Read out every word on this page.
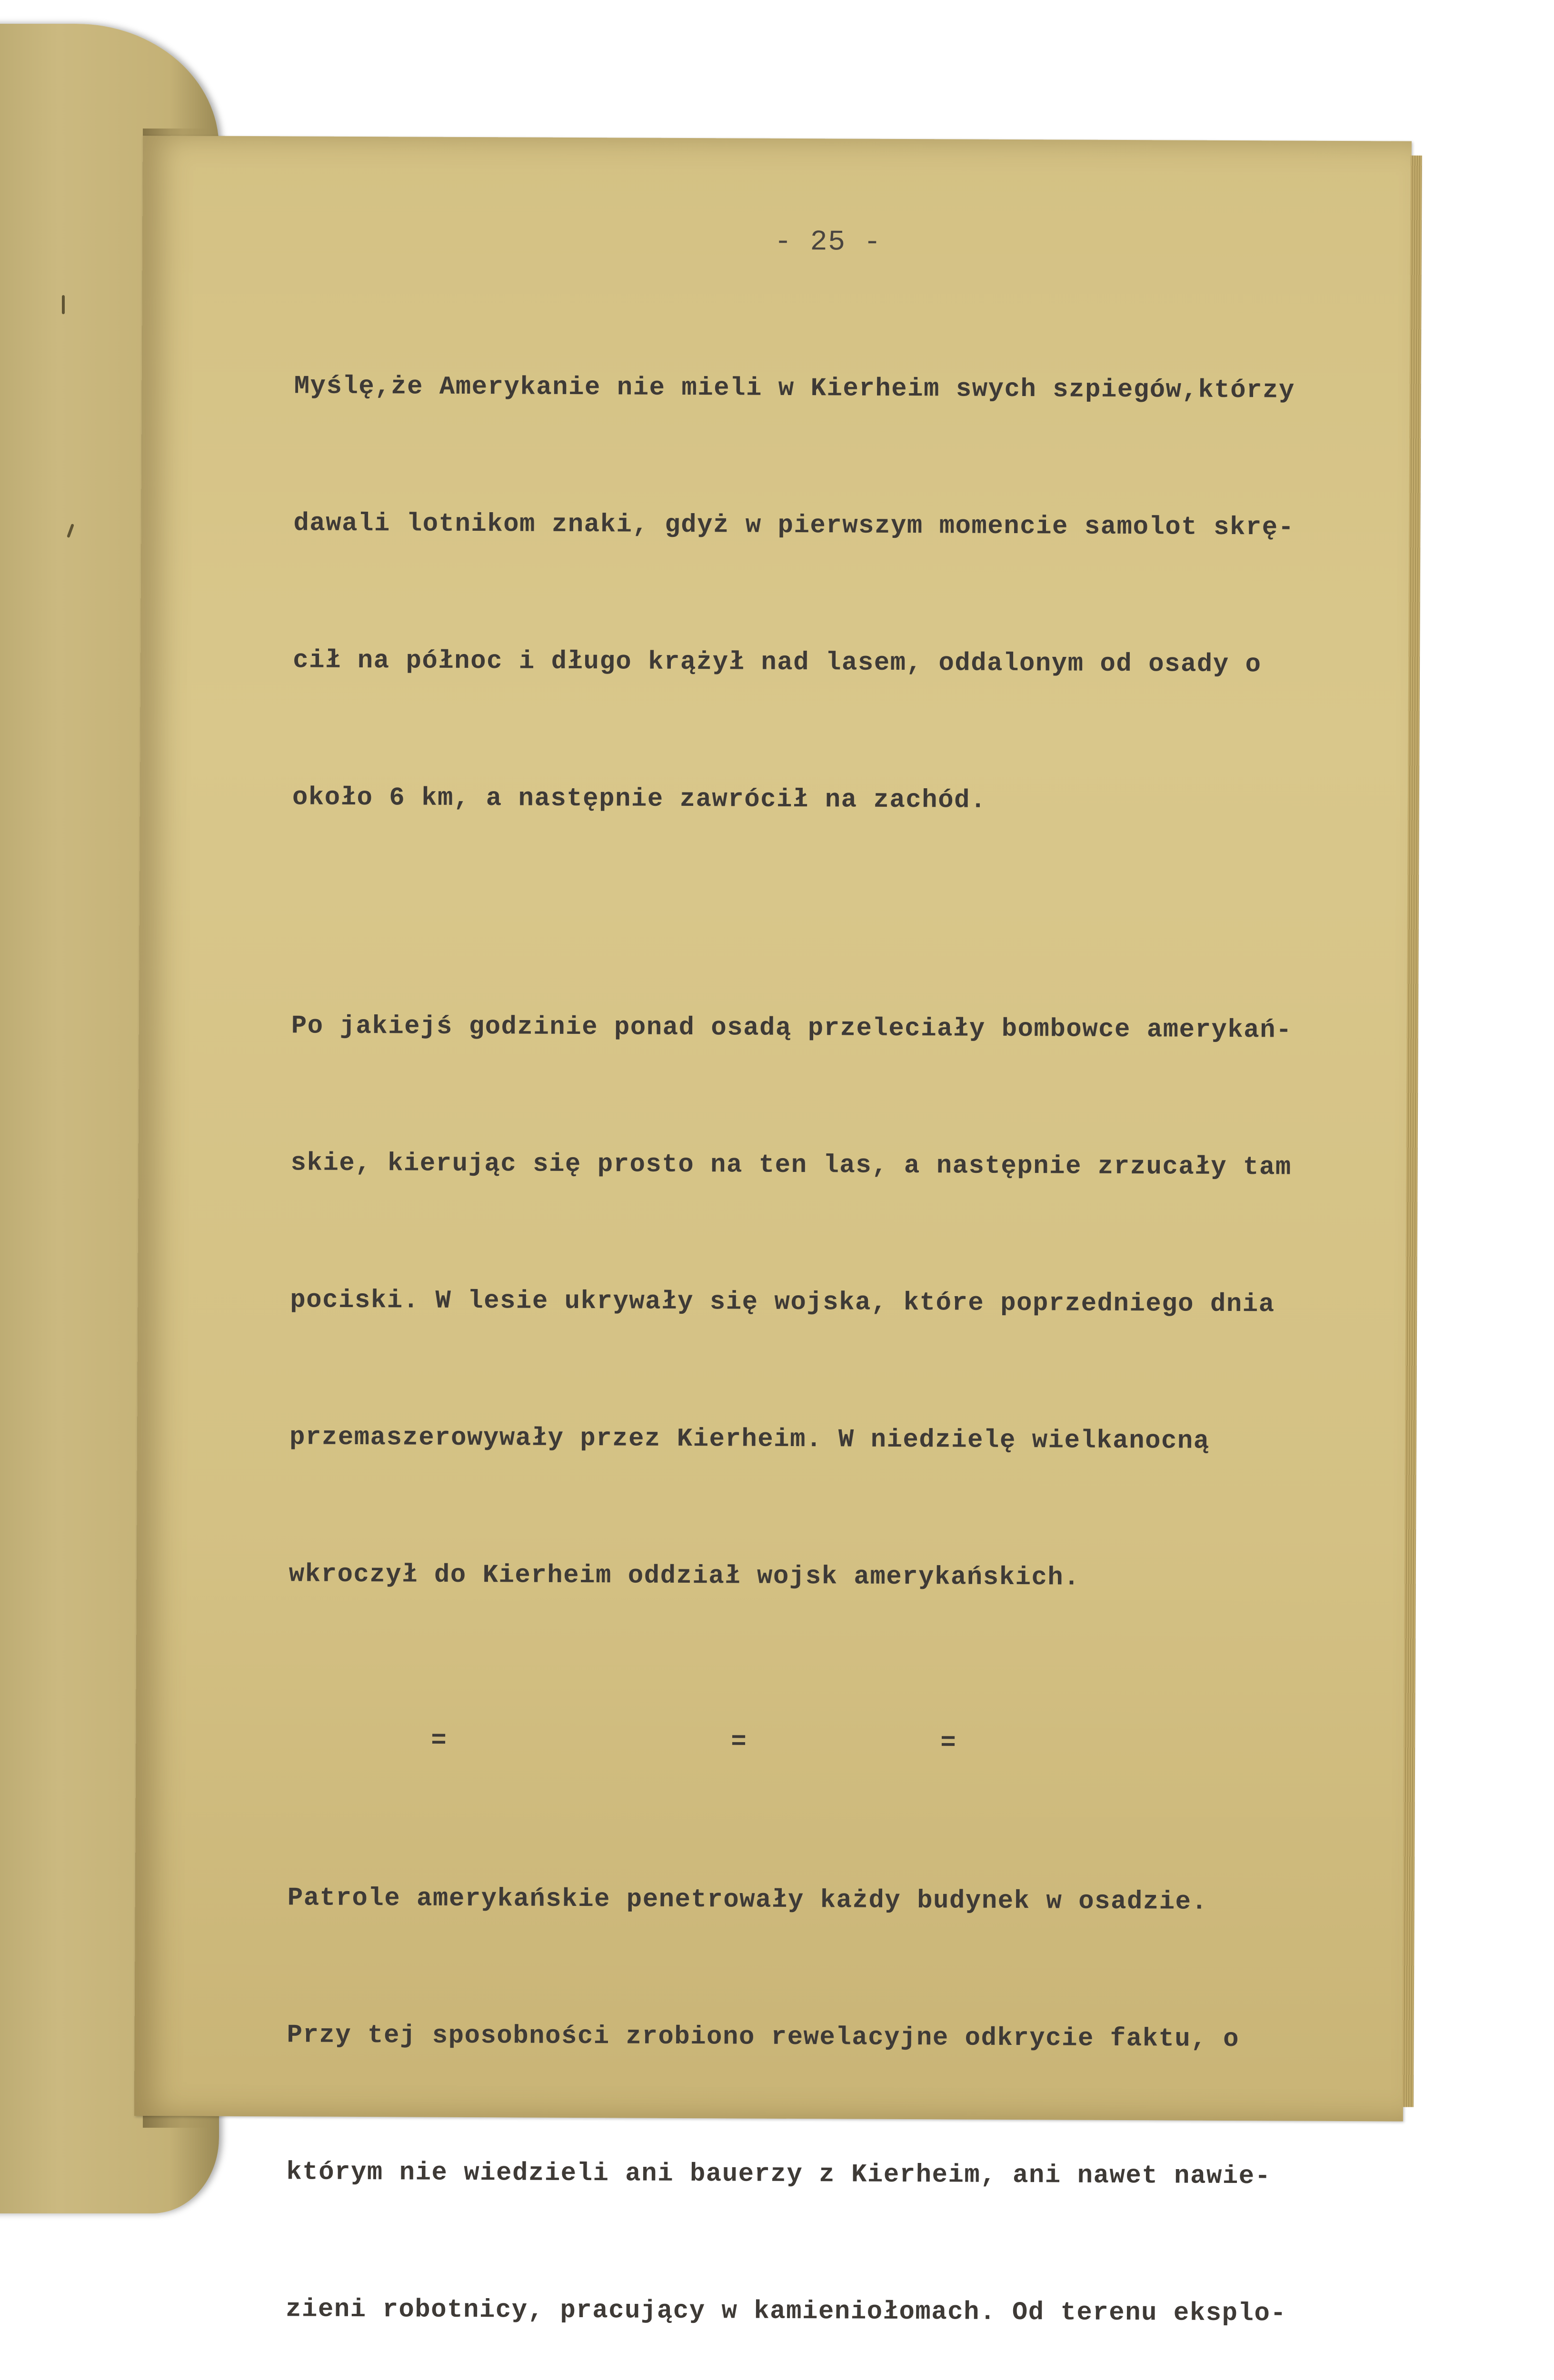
- 25 -

Myślę,że Amerykanie nie mieli w Kierheim swych szpiegów,którzy

dawali lotnikom znaki, gdyż w pierwszym momencie samolot skrę-

cił na północ i długo krążył nad lasem, oddalonym od osady o

około 6 km, a następnie zawrócił na zachód.

Po jakiejś godzinie ponad osadą przeleciały bombowce amerykań-

skie, kierując się prosto na ten las, a następnie zrzucały tam

pociski. W lesie ukrywały się wojska, które poprzedniego dnia

przemaszerowywały przez Kierheim. W niedzielę wielkanocną

wkroczył do Kierheim oddział wojsk amerykańskich.

=	=	=

Patrole amerykańskie penetrowały każdy budynek w osadzie.

Przy tej sposobności zrobiono rewelacyjne odkrycie faktu, o

którym nie wiedzieli ani bauerzy z Kierheim, ani nawet nawie-

zieni robotnicy, pracujący w kamieniołomach. Od terenu eksplo-
